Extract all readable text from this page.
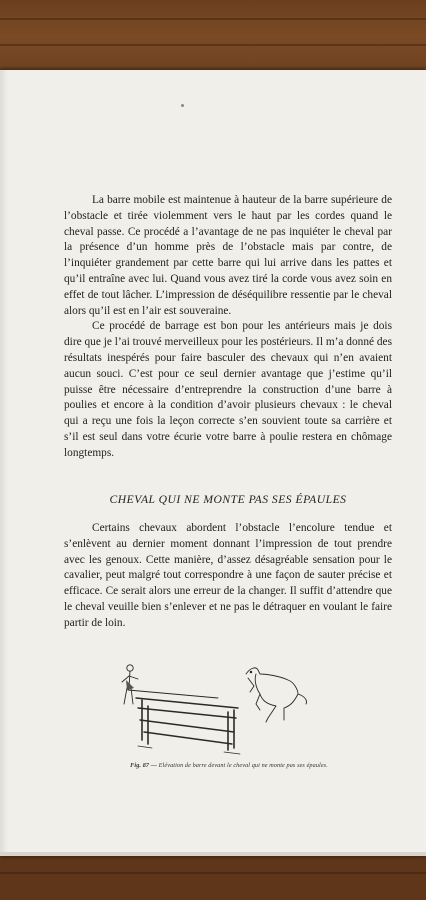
La barre mobile est maintenue à hauteur de la barre supérieure de l’obstacle et tirée violemment vers le haut par les cordes quand le cheval passe. Ce procédé a l’avantage de ne pas inquiéter le cheval par la présence d’un homme près de l’obstacle mais par contre, de l’inquiéter grandement par cette barre qui lui arrive dans les pattes et qu’il entraîne avec lui. Quand vous avez tiré la corde vous avez soin en effet de tout lâcher. L’impression de déséquilibre ressentie par le cheval alors qu’il est en l’air est souveraine.

Ce procédé de barrage est bon pour les antérieurs mais je dois dire que je l’ai trouvé merveilleux pour les postérieurs. Il m’a donné des résultats inespérés pour faire basculer des chevaux qui n’en avaient aucun souci. C’est pour ce seul dernier avantage que j’estime qu’il puisse être nécessaire d’entreprendre la construction d’une barre à poulies et encore à la condition d’avoir plusieurs chevaux : le cheval qui a reçu une fois la leçon correcte s’en souvient toute sa carrière et s’il est seul dans votre écurie votre barre à poulie restera en chômage longtemps.

CHEVAL QUI NE MONTE PAS SES ÉPAULES

Certains chevaux abordent l’obstacle l’encolure tendue et s’enlèvent au dernier moment donnant l’impression de tout prendre avec les genoux. Cette manière, d’assez désagréable sensation pour le cavalier, peut malgré tout correspondre à une façon de sauter précise et efficace. Ce serait alors une erreur de la changer. Il suffit d’attendre que le cheval veuille bien s’enlever et ne pas le détraquer en voulant le faire partir de loin.

Fig. 87 — Elévation de barre devant le cheval qui ne monte pas ses épaules.
